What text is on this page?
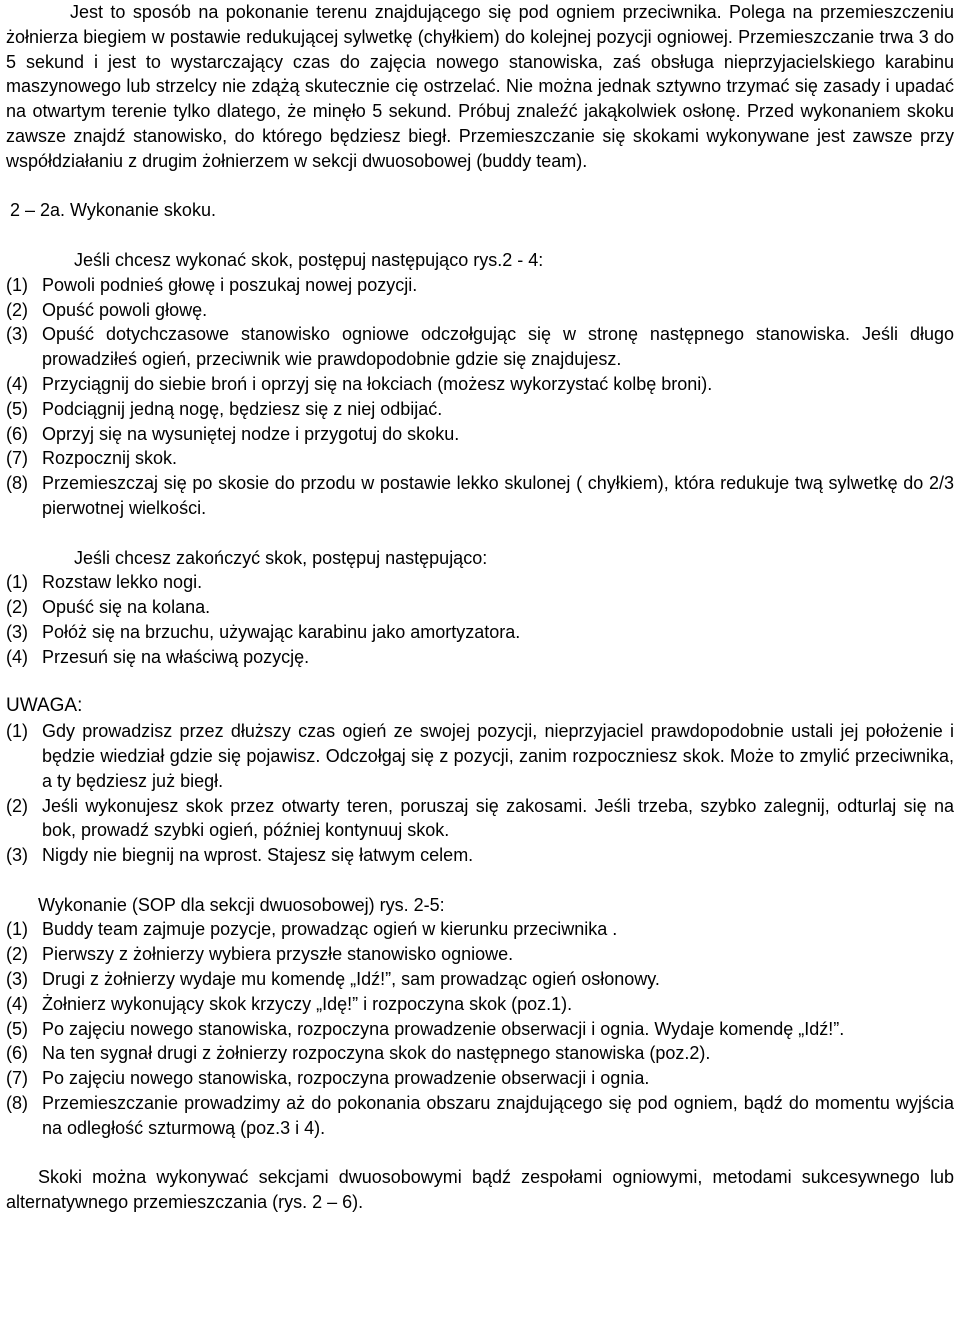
Jest to sposób na pokonanie terenu znajdującego się pod ogniem przeciwnika. Polega na przemieszczeniu żołnierza biegiem w postawie redukującej sylwetkę (chyłkiem) do kolejnej pozycji ogniowej. Przemieszczanie trwa 3 do 5 sekund i jest to wystarczający czas do zajęcia nowego stanowiska, zaś obsługa nieprzyjacielskiego karabinu maszynowego lub strzelcy nie zdążą skutecznie cię ostrzelać. Nie można jednak sztywno trzymać się zasady i upadać na otwartym terenie tylko dlatego, że minęło 5 sekund. Próbuj znaleźć jakąkolwiek osłonę. Przed wykonaniem skoku zawsze znajdź stanowisko, do którego będziesz biegł. Przemieszczanie się skokami wykonywane jest zawsze przy współdziałaniu z drugim żołnierzem w sekcji dwuosobowej (buddy team).

2 – 2a. Wykonanie skoku.

Jeśli chcesz wykonać skok, postępuj następująco rys.2 - 4:

(1) Powoli podnieś głowę i poszukaj nowej pozycji.
(2) Opuść powoli głowę.
(3) Opuść dotychczasowe stanowisko ogniowe odczołgując się w stronę następnego stanowiska. Jeśli długo prowadziłeś ogień, przeciwnik wie prawdopodobnie gdzie się znajdujesz.
(4) Przyciągnij do siebie broń i oprzyj się na łokciach (możesz wykorzystać kolbę broni).
(5) Podciągnij jedną nogę, będziesz się z niej odbijać.
(6) Oprzyj się na wysuniętej nodze i przygotuj do skoku.
(7) Rozpocznij skok.
(8) Przemieszczaj się po skosie do przodu w postawie lekko skulonej ( chyłkiem), która redukuje twą sylwetkę do 2/3 pierwotnej wielkości.

Jeśli chcesz zakończyć skok, postępuj następująco:

(1) Rozstaw lekko nogi.
(2) Opuść się na kolana.
(3) Połóż się na brzuchu, używając karabinu jako amortyzatora.
(4) Przesuń się na właściwą pozycję.

UWAGA:

(1) Gdy prowadzisz przez dłuższy czas ogień ze swojej pozycji, nieprzyjaciel prawdopodobnie ustali jej położenie i będzie wiedział gdzie się pojawisz. Odczołgaj się z pozycji, zanim rozpoczniesz skok. Może to zmylić przeciwnika, a ty będziesz już biegł.
(2) Jeśli wykonujesz skok przez otwarty teren, poruszaj się zakosami. Jeśli trzeba, szybko zalegnij, odturlaj się na bok, prowadź szybki ogień, później kontynuuj skok.
(3) Nigdy nie biegnij na wprost. Stajesz się łatwym celem.

Wykonanie (SOP dla sekcji dwuosobowej) rys. 2-5:

(1) Buddy team zajmuje pozycje, prowadząc ogień w kierunku przeciwnika .
(2) Pierwszy z żołnierzy wybiera przyszłe stanowisko ogniowe.
(3) Drugi z żołnierzy wydaje mu komendę „Idź!”, sam prowadząc ogień osłonowy.
(4) Żołnierz wykonujący skok krzyczy „Idę!” i rozpoczyna skok (poz.1).
(5) Po zajęciu nowego stanowiska, rozpoczyna prowadzenie obserwacji i ognia. Wydaje komendę „Idź!”.
(6) Na ten sygnał drugi z żołnierzy rozpoczyna skok do następnego stanowiska (poz.2).
(7) Po zajęciu nowego stanowiska, rozpoczyna prowadzenie obserwacji i ognia.
(8) Przemieszczanie prowadzimy aż do pokonania obszaru znajdującego się pod ogniem, bądź do momentu wyjścia na odległość szturmową (poz.3 i 4).

Skoki można wykonywać sekcjami dwuosobowymi bądź zespołami ogniowymi, metodami sukcesywnego lub alternatywnego przemieszczania (rys. 2 – 6).
